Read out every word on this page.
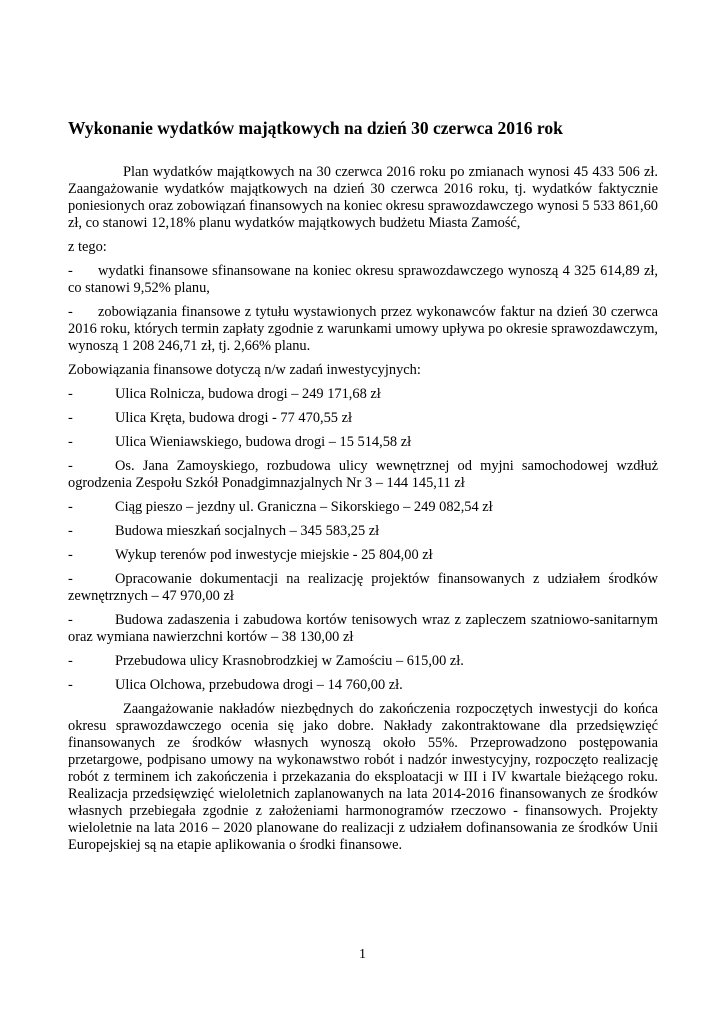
Wykonanie wydatków majątkowych na dzień 30 czerwca 2016 rok

Plan wydatków majątkowych na 30 czerwca 2016 roku po zmianach wynosi 45 433 506 zł. Zaangażowanie wydatków majątkowych na dzień 30 czerwca 2016 roku, tj. wydatków faktycznie poniesionych oraz zobowiązań finansowych na koniec okresu sprawozdawczego wynosi 5 533 861,60 zł, co stanowi 12,18% planu wydatków majątkowych budżetu Miasta Zamość,

z tego:

- wydatki finansowe sfinansowane na koniec okresu sprawozdawczego wynoszą 4 325 614,89 zł, co stanowi 9,52% planu,

- zobowiązania finansowe z tytułu wystawionych przez wykonawców faktur na dzień 30 czerwca 2016 roku, których termin zapłaty zgodnie z warunkami umowy upływa po okresie sprawozdawczym, wynoszą 1 208 246,71 zł, tj. 2,66% planu.

Zobowiązania finansowe dotyczą n/w zadań inwestycyjnych:

-	Ulica Rolnicza, budowa drogi – 249 171,68 zł
-	Ulica Kręta, budowa drogi - 77 470,55 zł
-	Ulica Wieniawskiego, budowa drogi – 15 514,58 zł

-	Os. Jana Zamoyskiego, rozbudowa ulicy wewnętrznej od myjni samochodowej wzdłuż ogrodzenia Zespołu Szkół Ponadgimnazjalnych Nr 3 – 144 145,11 zł

-	Ciąg pieszo – jezdny ul. Graniczna – Sikorskiego – 249 082,54 zł
-	Budowa mieszkań socjalnych – 345 583,25 zł
-	Wykup terenów pod inwestycje miejskie - 25 804,00 zł

-	Opracowanie dokumentacji na realizację projektów finansowanych z udziałem środków zewnętrznych – 47 970,00 zł

-	Budowa zadaszenia i zabudowa kortów tenisowych wraz z zapleczem szatniowo-sanitarnym oraz wymiana nawierzchni kortów – 38 130,00 zł

-	Przebudowa ulicy Krasnobrodzkiej w Zamościu – 615,00 zł.
-	Ulica Olchowa, przebudowa drogi – 14 760,00 zł.

Zaangażowanie nakładów niezbędnych do zakończenia rozpoczętych inwestycji do końca okresu sprawozdawczego ocenia się jako dobre. Nakłady zakontraktowane dla przedsięwzięć finansowanych ze środków własnych wynoszą około 55%. Przeprowadzono postępowania przetargowe, podpisano umowy na wykonawstwo robót i nadzór inwestycyjny, rozpoczęto realizację robót z terminem ich zakończenia i przekazania do eksploatacji w III i IV kwartale bieżącego roku. Realizacja przedsięwzięć wieloletnich zaplanowanych na lata 2014-2016 finansowanych ze środków własnych przebiegała zgodnie z założeniami harmonogramów rzeczowo - finansowych. Projekty wieloletnie na lata 2016 – 2020 planowane do realizacji z udziałem dofinansowania ze środków Unii Europejskiej są na etapie aplikowania o środki finansowe.

1
